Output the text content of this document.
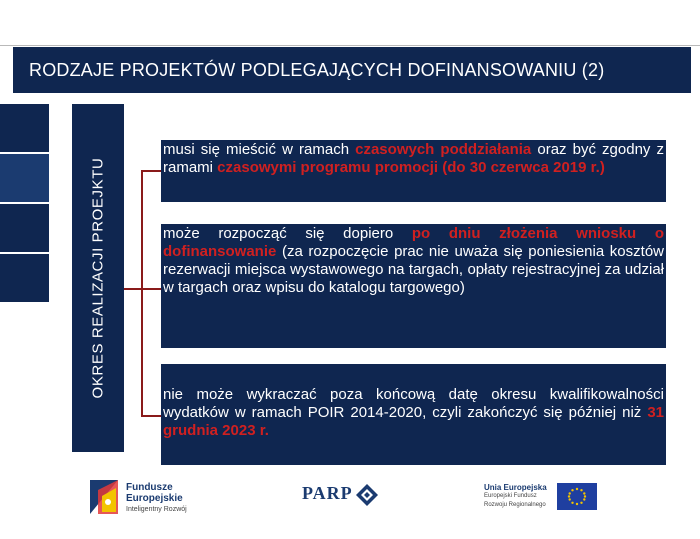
RODZAJE PROJEKTÓW PODLEGAJĄCYCH DOFINANSOWANIU (2)
OKRES REALIZACJI PROEJKTU
musi się mieścić w ramach czasowych poddziałania oraz być zgodny z ramami czasowymi programu promocji (do 30 czerwca 2019 r.)
może rozpocząć się dopiero po dniu złożenia wniosku o dofinansowanie (za rozpoczęcie prac nie uważa się poniesienia kosztów rezerwacji miejsca wystawowego na targach, opłaty rejestracyjnej za udział w targach oraz wpisu do katalogu targowego)
nie może wykraczać poza końcową datę okresu kwalifikowalności wydatków w ramach POIR 2014-2020, czyli zakończyć się później niż 31 grudnia 2023 r.
Fundusze
Europejskie
Inteligentny Rozwój
PARP	Unia Europejska
Europejski Fundusz
Rozwoju Regionalnego
